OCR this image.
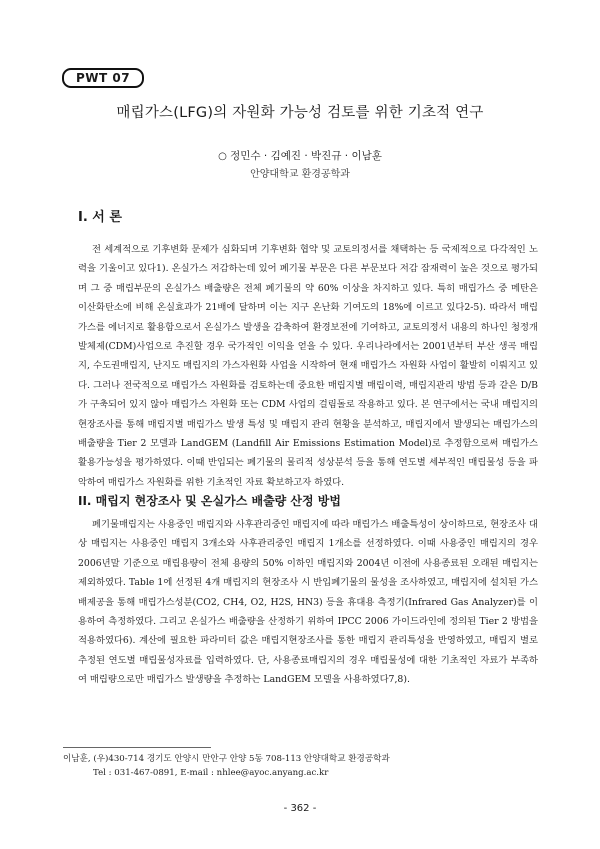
PWT 07
매립가스(LFG)의 자원화 가능성 검토를 위한 기초적 연구
○ 정민수 · 김예진 · 박진규 · 이남훈
안양대학교 환경공학과
I. 서 론

전 세계적으로 기후변화 문제가 심화되며 기후변화 협약 및 교토의정서를 채택하는 등 국제적으로 다각적인 노력을 기울이고 있다1). 온실가스 저감하는데 있어 폐기물 부문은 다른 부문보다 저감 잠재력이 높은 것으로 평가되며 그 중 매립부문의 온실가스 배출량은 전체 폐기물의 약 60% 이상을 차지하고 있다. 특히 매립가스 중 메탄은 이산화탄소에 비해 온실효과가 21배에 달하며 이는 지구 온난화 기여도의 18%에 이르고 있다2-5). 따라서 매립가스를 에너지로 활용함으로서 온실가스 발생을 감축하여 환경보전에 기여하고, 교토의정서 내용의 하나인 청정개발체제(CDM)사업으로 추진할 경우 국가적인 이익을 얻을 수 있다. 우리나라에서는 2001년부터 부산 생곡 매립지, 수도권매립지, 난지도 매립지의 가스자원화 사업을 시작하여 현재 매립가스 자원화 사업이 활발히 이뤄지고 있다. 그러나 전국적으로 매립가스 자원화를 검토하는데 중요한 매립지별 매립이력, 매립지관리 방법 등과 같은 D/B가 구축되어 있지 않아 매립가스 자원화 또는 CDM 사업의 걸림돌로 작용하고 있다. 본 연구에서는 국내 매립지의 현장조사를 통해 매립지별 매립가스 발생 특성 및 매립지 관리 현황을 분석하고, 매립지에서 발생되는 매립가스의 배출량을 Tier 2 모델과 LandGEM (Landfill Air Emissions Estimation Model)로 추정함으로써 매립가스 활용가능성을 평가하였다. 이때 반입되는 폐기물의 물리적 성상분석 등을 통해 연도별 세부적인 매립물성 등을 파악하여 매립가스 자원화를 위한 기초적인 자료 확보하고자 하였다.

II. 매립지 현장조사 및 온실가스 배출량 산정 방법

폐기물매립지는 사용중인 매립지와 사후관리중인 매립지에 따라 매립가스 배출특성이 상이하므로, 현장조사 대상 매립지는 사용중인 매립지 3개소와 사후관리중인 매립지 1개소를 선정하였다. 이때 사용중인 매립지의 경우 2006년말 기준으로 매립용량이 전체 용량의 50% 이하인 매립지와 2004년 이전에 사용종료된 오래된 매립지는 제외하였다. Table 1에 선정된 4개 매립지의 현장조사 시 반입폐기물의 물성을 조사하였고, 매립지에 설치된 가스배제공을 통해 매립가스성분(CO2, CH4, O2, H2S, HN3) 등을 휴대용 측정기(Infrared Gas Analyzer)를 이용하여 측정하였다. 그리고 온실가스 배출량을 산정하기 위하여 IPCC 2006 가이드라인에 정의된 Tier 2 방법을 적용하였다6). 계산에 필요한 파라미터 값은 매립지현장조사를 통한 매립지 관리특성을 반영하였고, 매립지 별로 추정된 연도별 매립물성자료를 입력하였다. 단, 사용종료매립지의 경우 매립물성에 대한 기초적인 자료가 부족하여 매립량으로만 매립가스 발생량을 추정하는 LandGEM 모델을 사용하였다7,8).

이남훈, (우)430-714 경기도 안양시 만안구 안양 5동 708-113 안양대학교 환경공학과
Tel : 031-467-0891, E-mail : nhlee@ayoc.anyang.ac.kr
- 362 -
